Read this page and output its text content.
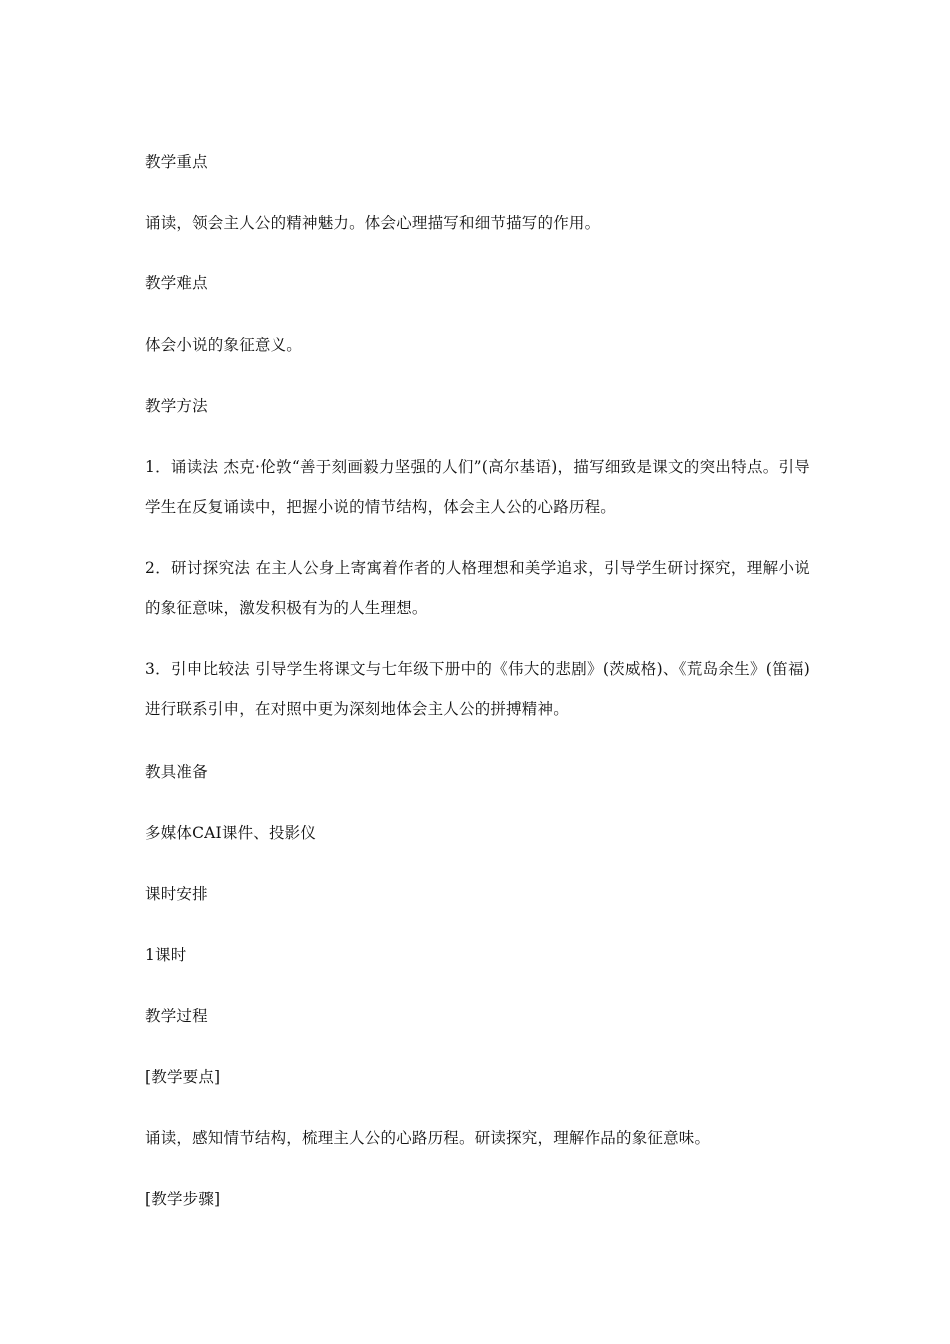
教学重点
诵读，领会主人公的精神魅力。体会心理描写和细节描写的作用。
教学难点
体会小说的象征意义。
教学方法
1．诵读法 杰克·伦敦“善于刻画毅力坚强的人们”(高尔基语)，描写细致是课文的突出特点。引导学生在反复诵读中，把握小说的情节结构，体会主人公的心路历程。
2．研讨探究法 在主人公身上寄寓着作者的人格理想和美学追求，引导学生研讨探究，理解小说的象征意味，激发积极有为的人生理想。
3．引申比较法 引导学生将课文与七年级下册中的《伟大的悲剧》(茨威格)、《荒岛余生》(笛福)进行联系引申，在对照中更为深刻地体会主人公的拼搏精神。
教具准备
多媒体CAI课件、投影仪
课时安排
1课时
教学过程
[教学要点]
诵读，感知情节结构，梳理主人公的心路历程。研读探究，理解作品的象征意味。
[教学步骤]
